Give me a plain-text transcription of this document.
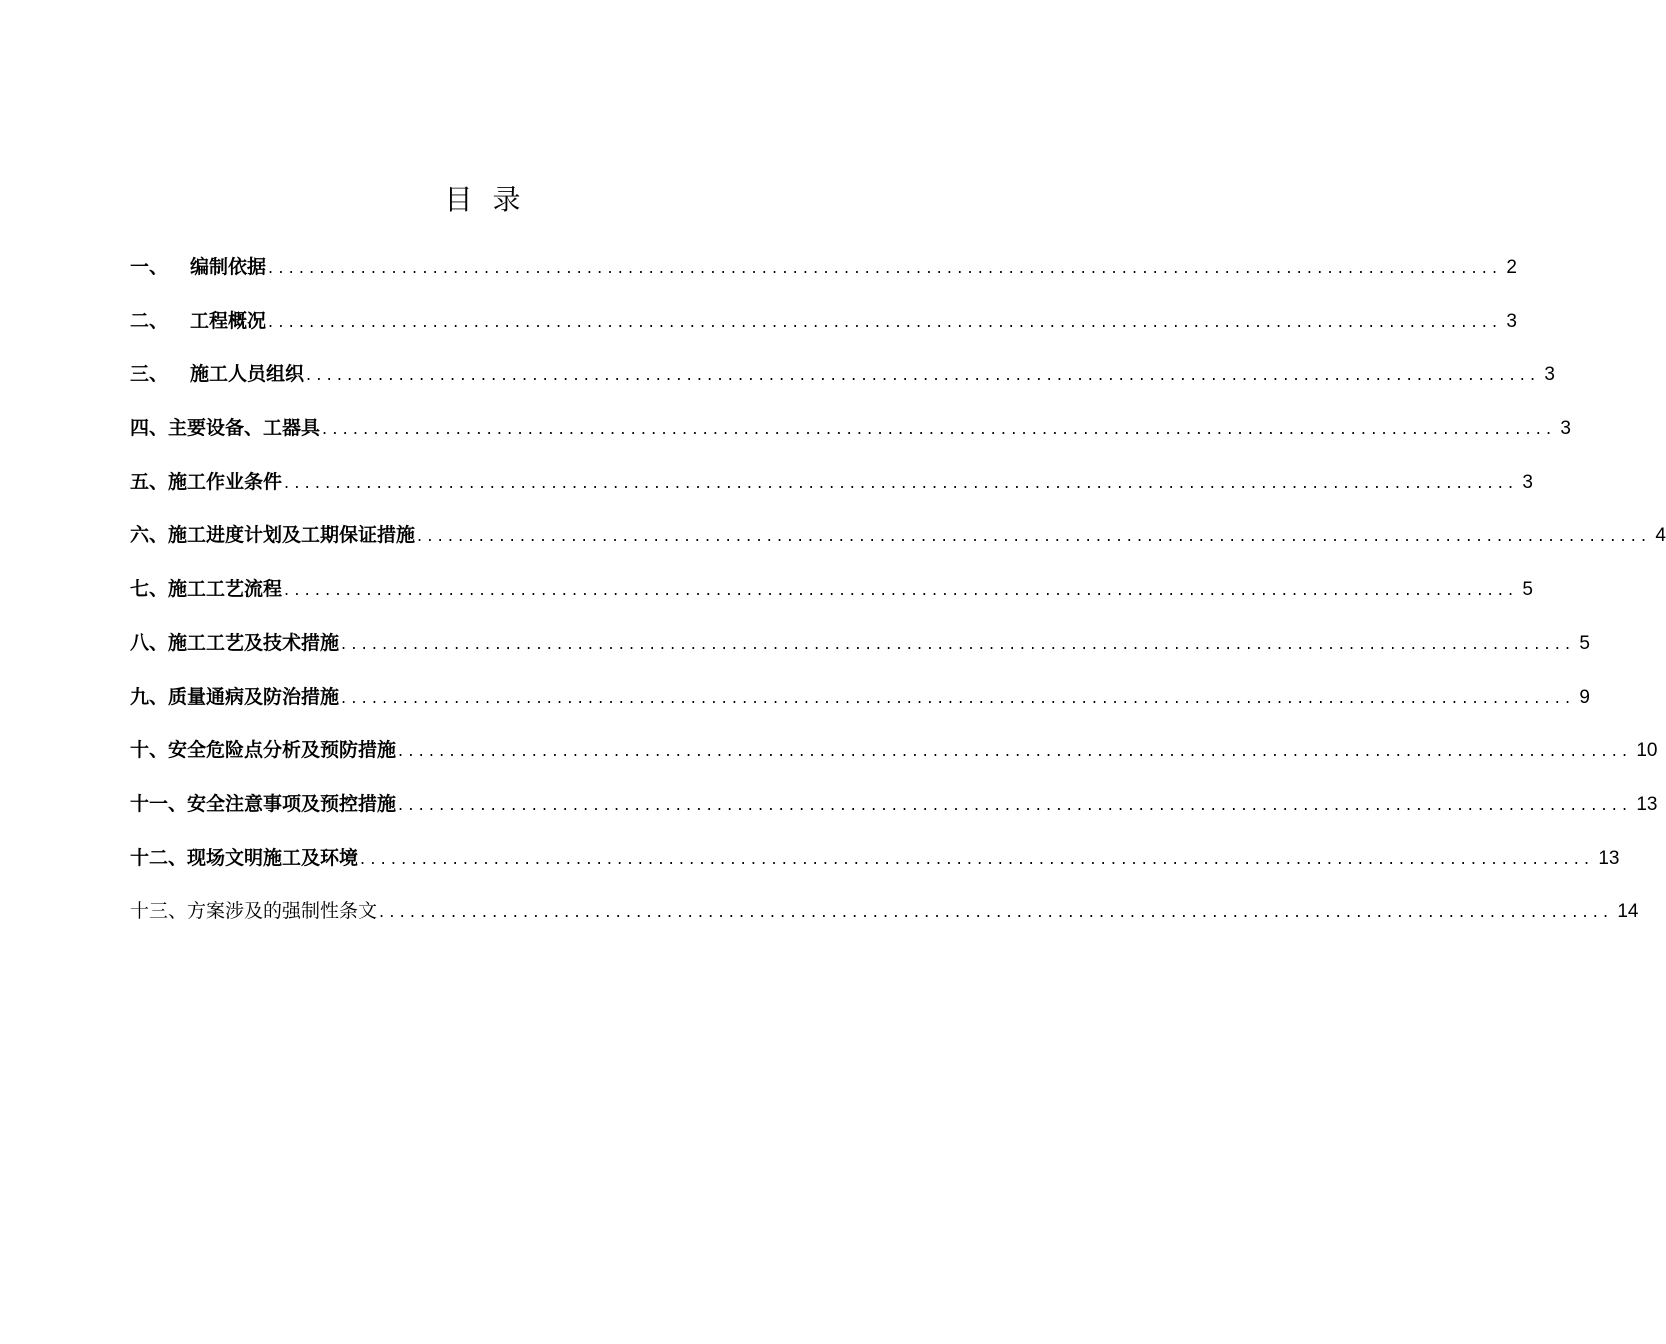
目 录
一、 编制依据 ........................................................................................................................ 2
二、 工程概况 ........................................................................................................................ 3
三、 施工人员组织 ........................................................................................................................ 3
四、主要设备、工器具 ........................................................................................................................ 3
五、施工作业条件 ........................................................................................................................ 3
六、施工进度计划及工期保证措施 ........................................................................................................................ 4
七、施工工艺流程 ........................................................................................................................ 5
八、施工工艺及技术措施 ........................................................................................................................ 5
九、质量通病及防治措施 ........................................................................................................................ 9
十、安全危险点分析及预防措施 ........................................................................................................................ 10
十一、安全注意事项及预控措施 ........................................................................................................................ 13
十二、现场文明施工及环境 ........................................................................................................................ 13
十三、方案涉及的强制性条文 ........................................................................................................................ 14
